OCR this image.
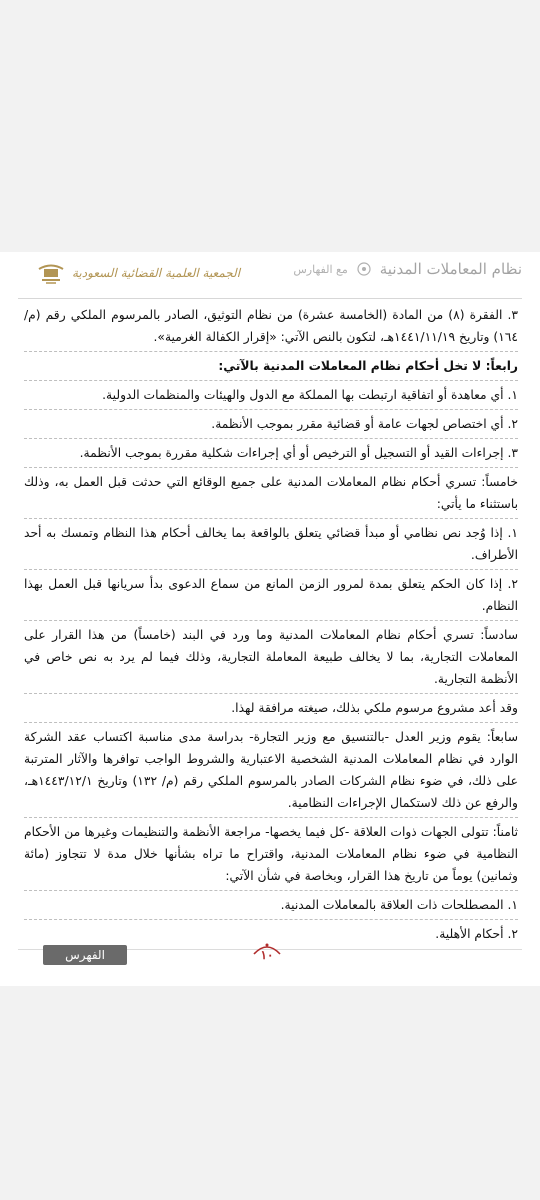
الجمعية العلمية القضائية السعودية	نظام المعاملات المدنية
مع الفهارس

٣. الفقرة (٨) من المادة (الخامسة عشرة) من نظام التوثيق، الصادر بالمرسوم الملكي رقم (م/ ١٦٤) وتاريخ ١٤٤١/١١/١٩هـ، لتكون بالنص الآتي: «إقرار الكفالة الغرمية».

رابعاً: لا تخل أحكام نظام المعاملات المدنية بالآتي:

١. أي معاهدة أو اتفاقية ارتبطت بها المملكة مع الدول والهيئات والمنظمات الدولية.

٢. أي اختصاص لجهات عامة أو قضائية مقرر بموجب الأنظمة.

٣. إجراءات القيد أو التسجيل أو الترخيص أو أي إجراءات شكلية مقررة بموجب الأنظمة.

خامساً: تسري أحكام نظام المعاملات المدنية على جميع الوقائع التي حدثت قبل العمل به، وذلك باستثناء ما يأتي:

١. إذا وُجد نص نظامي أو مبدأ قضائي يتعلق بالواقعة بما يخالف أحكام هذا النظام وتمسك به أحد الأطراف.

٢. إذا كان الحكم يتعلق بمدة لمرور الزمن المانع من سماع الدعوى بدأ سريانها قبل العمل بهذا النظام.

سادساً: تسري أحكام نظام المعاملات المدنية وما ورد في البند (خامساً) من هذا القرار على المعاملات التجارية، بما لا يخالف طبيعة المعاملة التجارية، وذلك فيما لم يرد به نص خاص في الأنظمة التجارية.

وقد أعد مشروع مرسوم ملكي بذلك، صيغته مرافقة لهذا.

سابعاً: يقوم وزير العدل -بالتنسيق مع وزير التجارة- بدراسة مدى مناسبة اكتساب عقد الشركة الوارد في نظام المعاملات المدنية الشخصية الاعتبارية والشروط الواجب توافرها والآثار المترتبة على ذلك، في ضوء نظام الشركات الصادر بالمرسوم الملكي رقم (م/ ١٣٢) وتاريخ ١٤٤٣/١٢/١هـ، والرفع عن ذلك لاستكمال الإجراءات النظامية.

ثامناً: تتولى الجهات ذوات العلاقة -كل فيما يخصها- مراجعة الأنظمة والتنظيمات وغيرها من الأحكام النظامية في ضوء نظام المعاملات المدنية، واقتراح ما تراه بشأنها خلال مدة لا تتجاوز (مائة وثمانين) يوماً من تاريخ هذا القرار، وبخاصة في شأن الآتي:

١. المصطلحات ذات العلاقة بالمعاملات المدنية.

٢. أحكام الأهلية.

الفهرس	١٠
